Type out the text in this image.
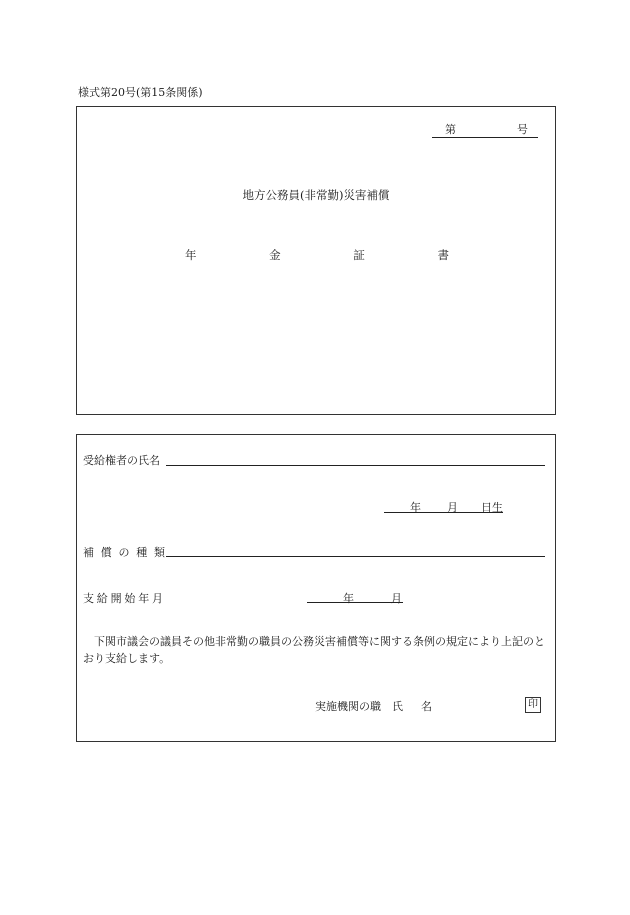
様式第20号(第15条関係)
第	号
地方公務員(非常勤)災害補償
年	金	証	書
受給権者の氏名
年 月 日生
補 償 の 種 類
支 給 開 始 年 月	年	月
下関市議会の議員その他非常勤の職員の公務災害補償等に関する条例の規定により上記のとおり支給します。
実施機関の職 氏 名	印
